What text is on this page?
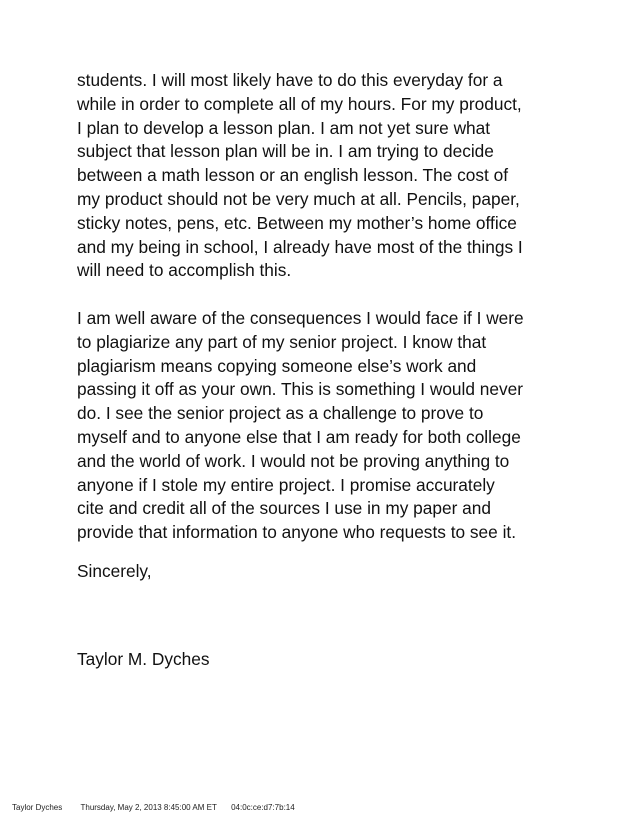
students. I will most likely have to do this everyday for a
while in order to complete all of my hours. For my product,
I plan to develop a lesson plan. I am not yet sure what
subject that lesson plan will be in. I am trying to decide
between a math lesson or an english lesson. The cost of
my product should not be very much at all. Pencils, paper,
sticky notes, pens, etc. Between my mother’s home office
and my being in school, I already have most of the things I
will need to accomplish this.
I am well aware of the consequences I would face if I were
to plagiarize any part of my senior project. I know that
plagiarism means copying someone else’s work and
passing it off as your own. This is something I would never
do. I see the senior project as a challenge to prove to
myself and to anyone else that I am ready for both college
and the world of work. I would not be proving anything to
anyone if I stole my entire project. I promise accurately
cite and credit all of the sources I use in my paper and
provide that information to anyone who requests to see it.
Sincerely,
Taylor M. Dyches
Taylor Dyches Thursday, May 2, 2013 8:45:00 AM ET 04:0c:ce:d7:7b:14
